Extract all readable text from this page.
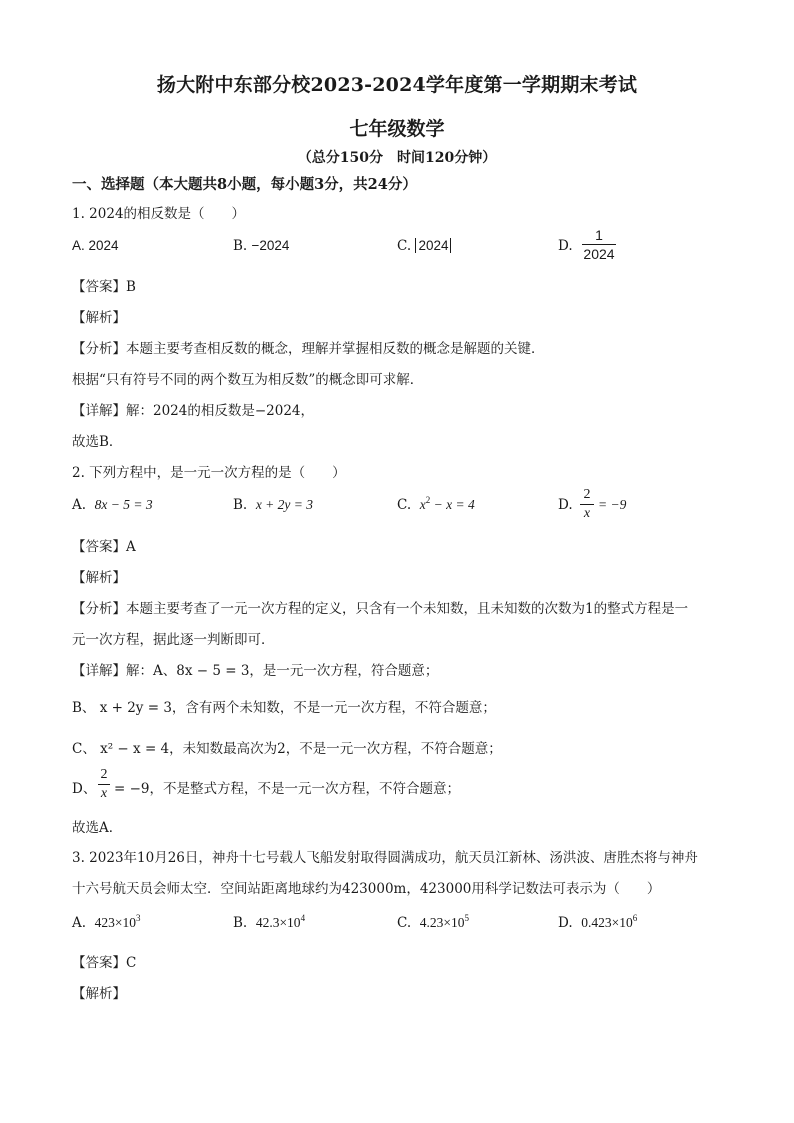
扬大附中东部分校2023-2024学年度第一学期期末考试
七年级数学
（总分150分　时间120分钟）
一、选择题（本大题共8小题，每小题3分，共24分）
1. 2024的相反数是（　　）
A. 2024	B. −2024	C. 2024	D.
1
2024
【答案】B
【解析】
【分析】本题主要考查相反数的概念，理解并掌握相反数的概念是解题的关键．
根据“只有符号不同的两个数互为相反数”的概念即可求解．
【详解】解：2024的相反数是−2024，
故选B．
2. 下列方程中，是一元一次方程的是（　　）
A. 8x − 5 = 3	B. x + 2y = 3	C. $x^2 - x = 4$	D.
2
x
= −9
【答案】A
【解析】
【分析】本题主要考查了一元一次方程的定义，只含有一个未知数，且未知数的次数为1的整式方程是一
元一次方程，据此逐一判断即可．
【详解】解：A、8x − 5 = 3，是一元一次方程，符合题意；
B、 x + 2y = 3，含有两个未知数，不是一元一次方程，不符合题意；
C、 x² − x = 4，未知数最高次为2，不是一元一次方程，不符合题意；
D、
2
x = −9，不是整式方程，不是一元一次方程，不符合题意；
故选A．
3. 2023年10月26日，神舟十七号载人飞船发射取得圆满成功，航天员江新林、汤洪波、唐胜杰将与神舟
十六号航天员会师太空．空间站距离地球约为423000m，423000用科学记数法可表示为（　　）
A. $423\times 10^3$	B. $42.3\times 10^4$	C. $4.23\times 10^5$	D. $0.423\times 10^6$
【答案】C
【解析】
